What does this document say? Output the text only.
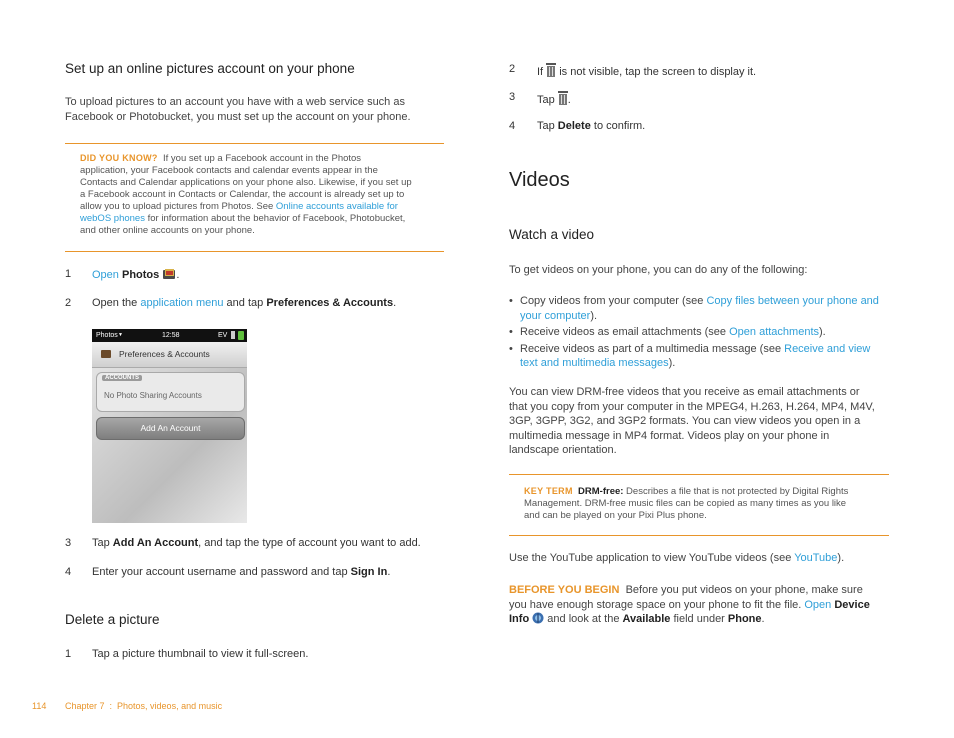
Set up an online pictures account on your phone
To upload pictures to an account you have with a web service such as
Facebook or Photobucket, you must set up the account on your phone.
DID YOU KNOW? If you set up a Facebook account in the Photos
application, your Facebook contacts and calendar events appear in the
Contacts and Calendar applications on your phone also. Likewise, if you set up
a Facebook account in Contacts or Calendar, the account is already set up to
allow you to upload pictures from Photos. See Online accounts available for
webOS phones for information about the behavior of Facebook, Photobucket,
and other online accounts on your phone.
1 Open Photos .
2 Open the application menu and tap Preferences & Accounts.
Photos ▼	12:58	EV
Preferences & Accounts
ACCOUNTS
No Photo Sharing Accounts
Add An Account
3 Tap Add An Account, and tap the type of account you want to add.
4 Enter your account username and password and tap Sign In.
Delete a picture
1 Tap a picture thumbnail to view it full-screen.
2 If  is not visible, tap the screen to display it.
3 Tap .
4 Tap Delete to confirm.
Videos
Watch a video
To get videos on your phone, you can do any of the following:
• Copy videos from your computer (see Copy files between your phone and
your computer).
• Receive videos as email attachments (see Open attachments).
• Receive videos as part of a multimedia message (see Receive and view
text and multimedia messages).
You can view DRM-free videos that you receive as email attachments or
that you copy from your computer in the MPEG4, H.263, H.264, MP4, M4V,
3GP, 3GPP, 3G2, and 3GP2 formats. You can view videos you open in a
multimedia message in MP4 format. Videos play on your phone in
landscape orientation.
KEY TERM DRM-free: Describes a file that is not protected by Digital Rights
Management. DRM-free music files can be copied as many times as you like
and can be played on your Pixi Plus phone.
Use the YouTube application to view YouTube videos (see YouTube).
BEFORE YOU BEGIN Before you put videos on your phone, make sure
you have enough storage space on your phone to fit the file. Open Device
Info  and look at the Available field under Phone.
114 Chapter 7  :  Photos, videos, and music
